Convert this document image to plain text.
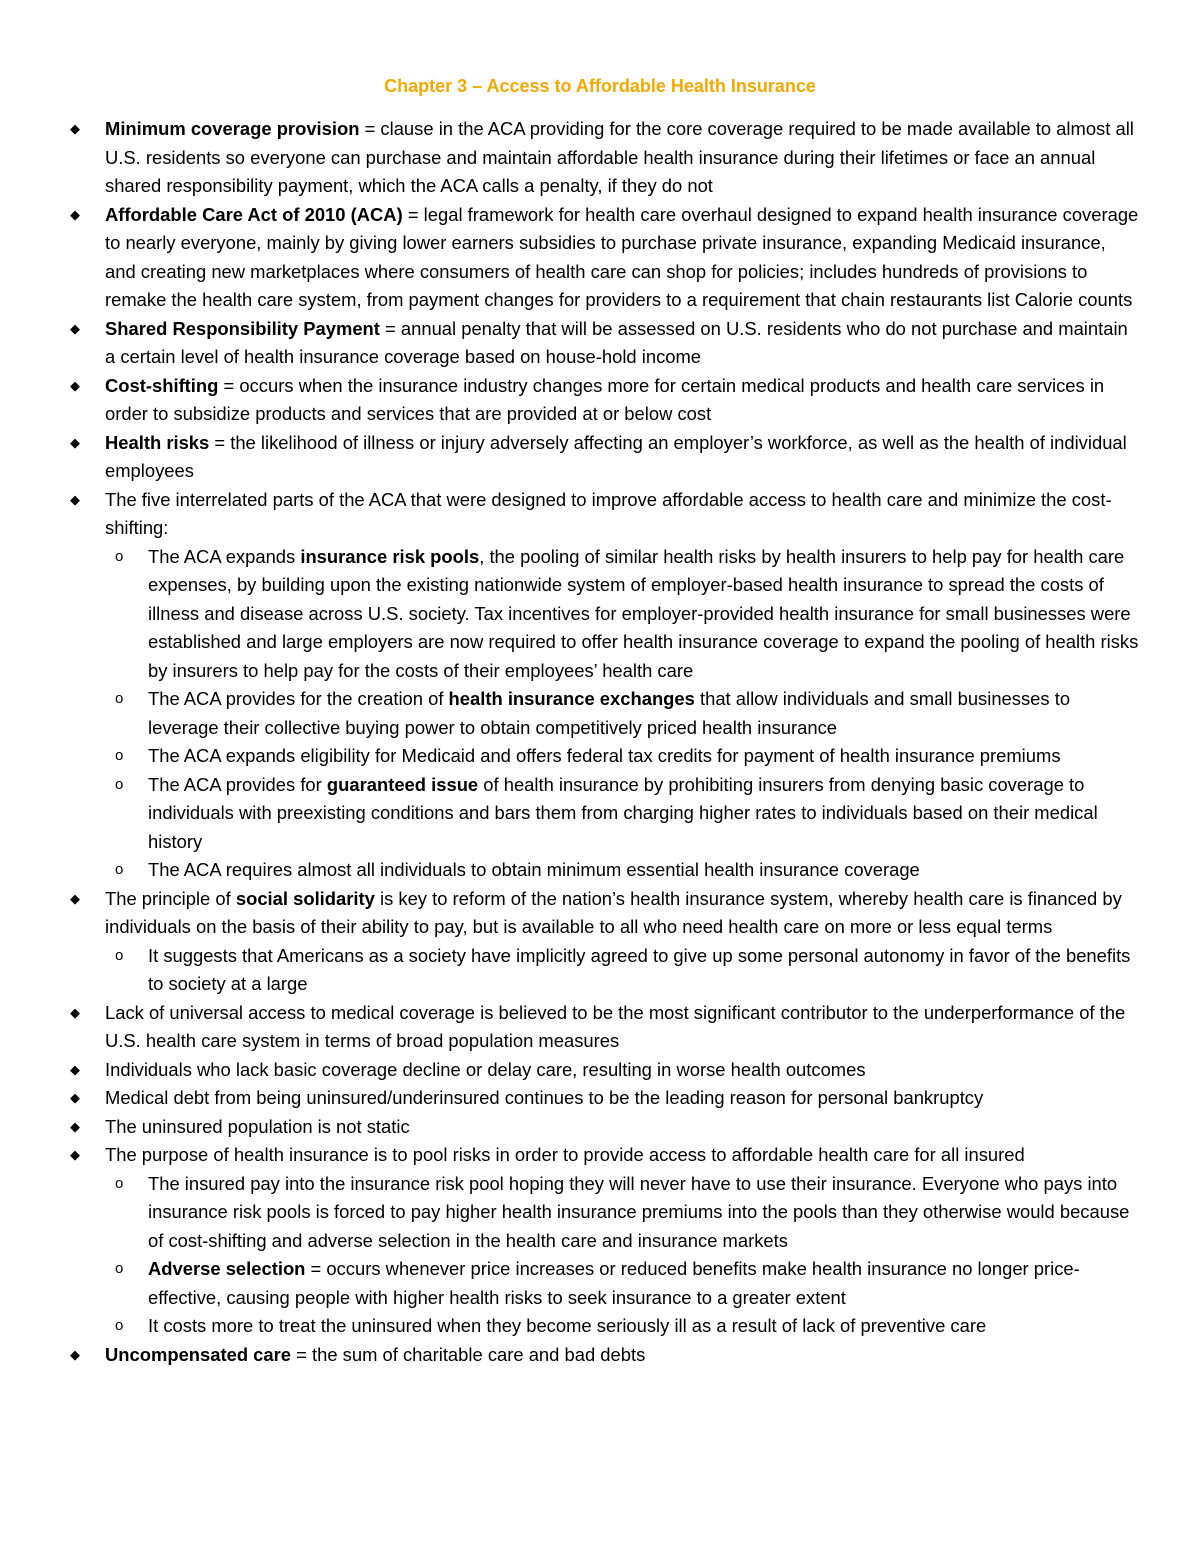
Chapter 3 – Access to Affordable Health Insurance
◆	Minimum coverage provision = clause in the ACA providing for the core coverage required to be made available to almost all U.S. residents so everyone can purchase and maintain affordable health insurance during their lifetimes or face an annual shared responsibility payment, which the ACA calls a penalty, if they do not
◆	Affordable Care Act of 2010 (ACA) = legal framework for health care overhaul designed to expand health insurance coverage to nearly everyone, mainly by giving lower earners subsidies to purchase private insurance, expanding Medicaid insurance, and creating new marketplaces where consumers of health care can shop for policies; includes hundreds of provisions to remake the health care system, from payment changes for providers to a requirement that chain restaurants list Calorie counts
◆	Shared Responsibility Payment = annual penalty that will be assessed on U.S. residents who do not purchase and maintain a certain level of health insurance coverage based on house-hold income
◆	Cost-shifting = occurs when the insurance industry changes more for certain medical products and health care services in order to subsidize products and services that are provided at or below cost
◆	Health risks = the likelihood of illness or injury adversely affecting an employer’s workforce, as well as the health of individual employees
◆	The five interrelated parts of the ACA that were designed to improve affordable access to health care and minimize the cost-shifting:
o The ACA expands insurance risk pools, the pooling of similar health risks by health insurers to help pay for health care expenses, by building upon the existing nationwide system of employer-based health insurance to spread the costs of illness and disease across U.S. society. Tax incentives for employer-provided health insurance for small businesses were established and large employers are now required to offer health insurance coverage to expand the pooling of health risks by insurers to help pay for the costs of their employees’ health care
o The ACA provides for the creation of health insurance exchanges that allow individuals and small businesses to leverage their collective buying power to obtain competitively priced health insurance
o The ACA expands eligibility for Medicaid and offers federal tax credits for payment of health insurance premiums
o The ACA provides for guaranteed issue of health insurance by prohibiting insurers from denying basic coverage to individuals with preexisting conditions and bars them from charging higher rates to individuals based on their medical history
o The ACA requires almost all individuals to obtain minimum essential health insurance coverage
◆	The principle of social solidarity is key to reform of the nation’s health insurance system, whereby health care is financed by individuals on the basis of their ability to pay, but is available to all who need health care on more or less equal terms
o It suggests that Americans as a society have implicitly agreed to give up some personal autonomy in favor of the benefits to society at a large
◆	Lack of universal access to medical coverage is believed to be the most significant contributor to the underperformance of the U.S. health care system in terms of broad population measures
◆	Individuals who lack basic coverage decline or delay care, resulting in worse health outcomes
◆	Medical debt from being uninsured/underinsured continues to be the leading reason for personal bankruptcy
◆	The uninsured population is not static
◆	The purpose of health insurance is to pool risks in order to provide access to affordable health care for all insured
o The insured pay into the insurance risk pool hoping they will never have to use their insurance. Everyone who pays into insurance risk pools is forced to pay higher health insurance premiums into the pools than they otherwise would because of cost-shifting and adverse selection in the health care and insurance markets
o Adverse selection = occurs whenever price increases or reduced benefits make health insurance no longer price-effective, causing people with higher health risks to seek insurance to a greater extent
o It costs more to treat the uninsured when they become seriously ill as a result of lack of preventive care
◆	Uncompensated care = the sum of charitable care and bad debts
